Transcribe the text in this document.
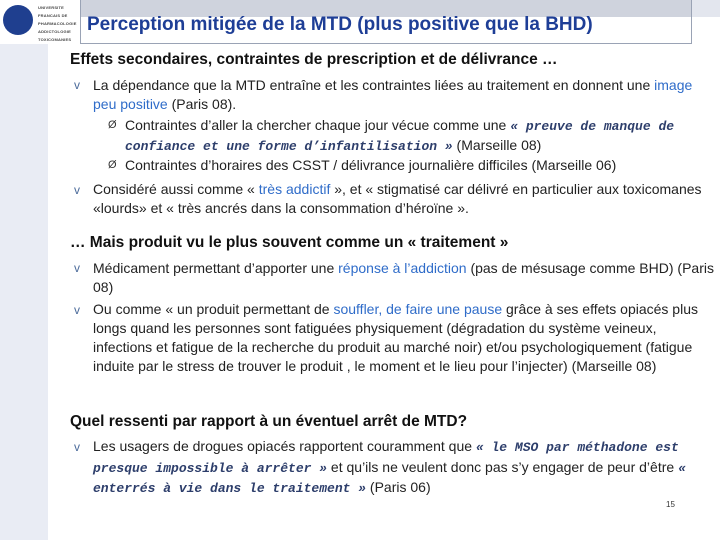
UNIVERSITE
FRANCAIS DE
PHARMACOLOGIE
ADDICTOLOGIE
TOXICOMANIES
Perception mitigée de la MTD (plus positive que la BHD)
Effets secondaires, contraintes de prescription et de délivrance …
v La dépendance que la MTD entraîne et les contraintes liées au traitement en donnent une image peu positive (Paris 08).
Ø Contraintes d’aller la chercher chaque jour vécue comme une « preuve de manque de confiance et une forme d’infantilisation » (Marseille 08)
Ø Contraintes d’horaires des CSST / délivrance journalière difficiles (Marseille 06)
v Considéré aussi comme « très addictif », et « stigmatisé car délivré en particulier aux toxicomanes «lourds» et « très ancrés dans la consommation d’héroïne ».
… Mais produit vu le plus souvent comme un « traitement »
v Médicament permettant d’apporter une réponse à l’addiction (pas de mésusage comme BHD) (Paris 08)
v Ou comme « un produit permettant de souffler, de faire une pause grâce à ses effets opiacés plus longs quand les personnes sont fatiguées physiquement (dégradation du système veineux, infections et fatigue de la recherche du produit au marché noir) et/ou psychologiquement (fatigue induite par le stress de trouver le produit , le moment et le lieu pour l’injecter) (Marseille 08)
Quel ressenti par rapport à un éventuel arrêt de MTD?
v Les usagers de drogues opiacés rapportent couramment que « le MSO par méthadone est presque impossible à arrêter » et qu’ils ne veulent donc pas s’y engager de peur d’être « enterrés à vie dans le traitement » (Paris 06)
15
